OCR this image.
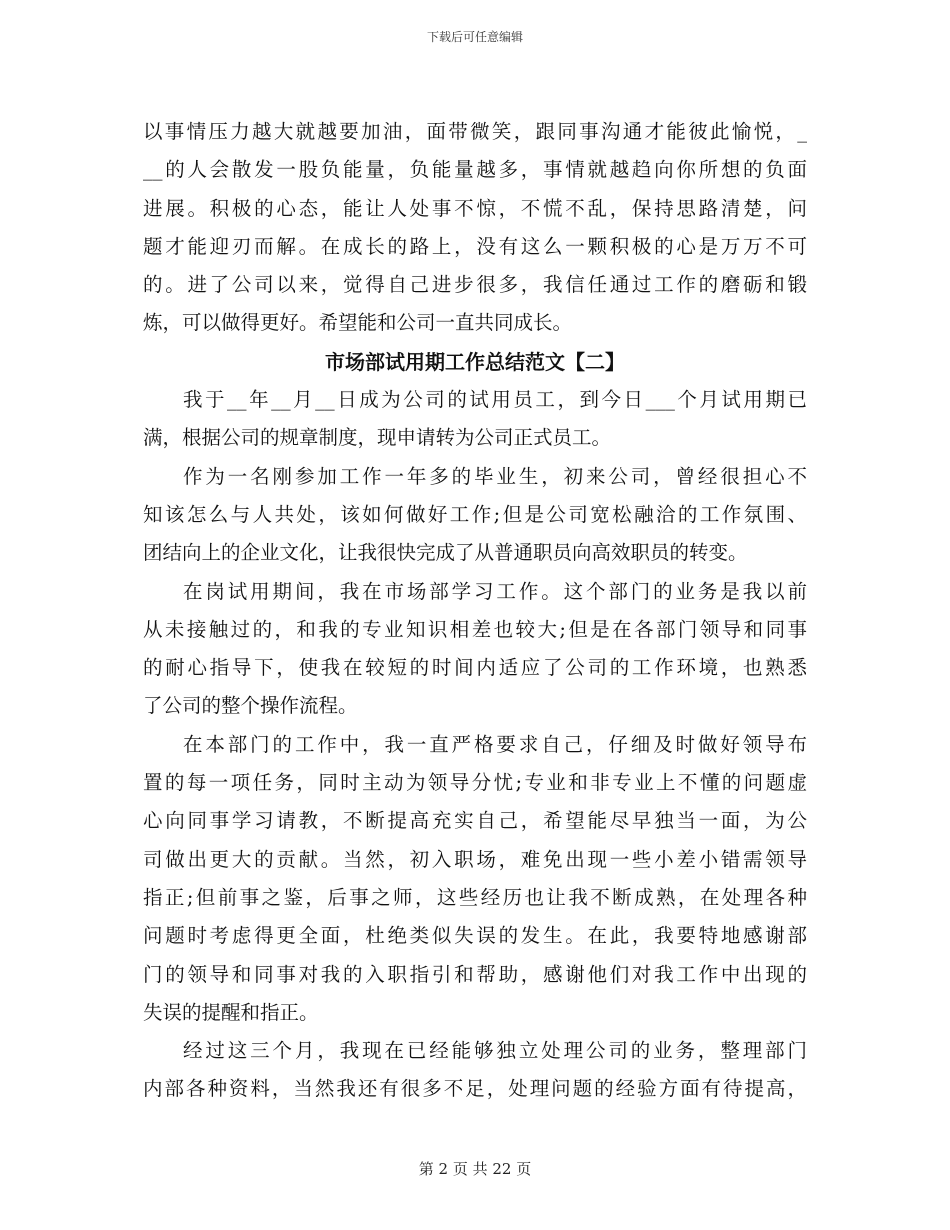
下载后可任意编辑
以事情压力越大就越要加油，面带微笑，跟同事沟通才能彼此愉悦，_
__的人会散发一股负能量，负能量越多，事情就越趋向你所想的负面
进展。积极的心态，能让人处事不惊，不慌不乱，保持思路清楚，问
题才能迎刃而解。在成长的路上，没有这么一颗积极的心是万万不可
的。进了公司以来，觉得自己进步很多，我信任通过工作的磨砺和锻
炼，可以做得更好。希望能和公司一直共同成长。
市场部试用期工作总结范文【二】
我于__年__月__日成为公司的试用员工，到今日___个月试用期已
满，根据公司的规章制度，现申请转为公司正式员工。
作为一名刚参加工作一年多的毕业生，初来公司，曾经很担心不
知该怎么与人共处，该如何做好工作;但是公司宽松融洽的工作氛围、
团结向上的企业文化，让我很快完成了从普通职员向高效职员的转变。
在岗试用期间，我在市场部学习工作。这个部门的业务是我以前
从未接触过的，和我的专业知识相差也较大;但是在各部门领导和同事
的耐心指导下，使我在较短的时间内适应了公司的工作环境，也熟悉
了公司的整个操作流程。
在本部门的工作中，我一直严格要求自己，仔细及时做好领导布
置的每一项任务，同时主动为领导分忧;专业和非专业上不懂的问题虚
心向同事学习请教，不断提高充实自己，希望能尽早独当一面，为公
司做出更大的贡献。当然，初入职场，难免出现一些小差小错需领导
指正;但前事之鉴，后事之师，这些经历也让我不断成熟，在处理各种
问题时考虑得更全面，杜绝类似失误的发生。在此，我要特地感谢部
门的领导和同事对我的入职指引和帮助，感谢他们对我工作中出现的
失误的提醒和指正。
经过这三个月，我现在已经能够独立处理公司的业务，整理部门
内部各种资料，当然我还有很多不足，处理问题的经验方面有待提高，
第 2 页 共 22 页
